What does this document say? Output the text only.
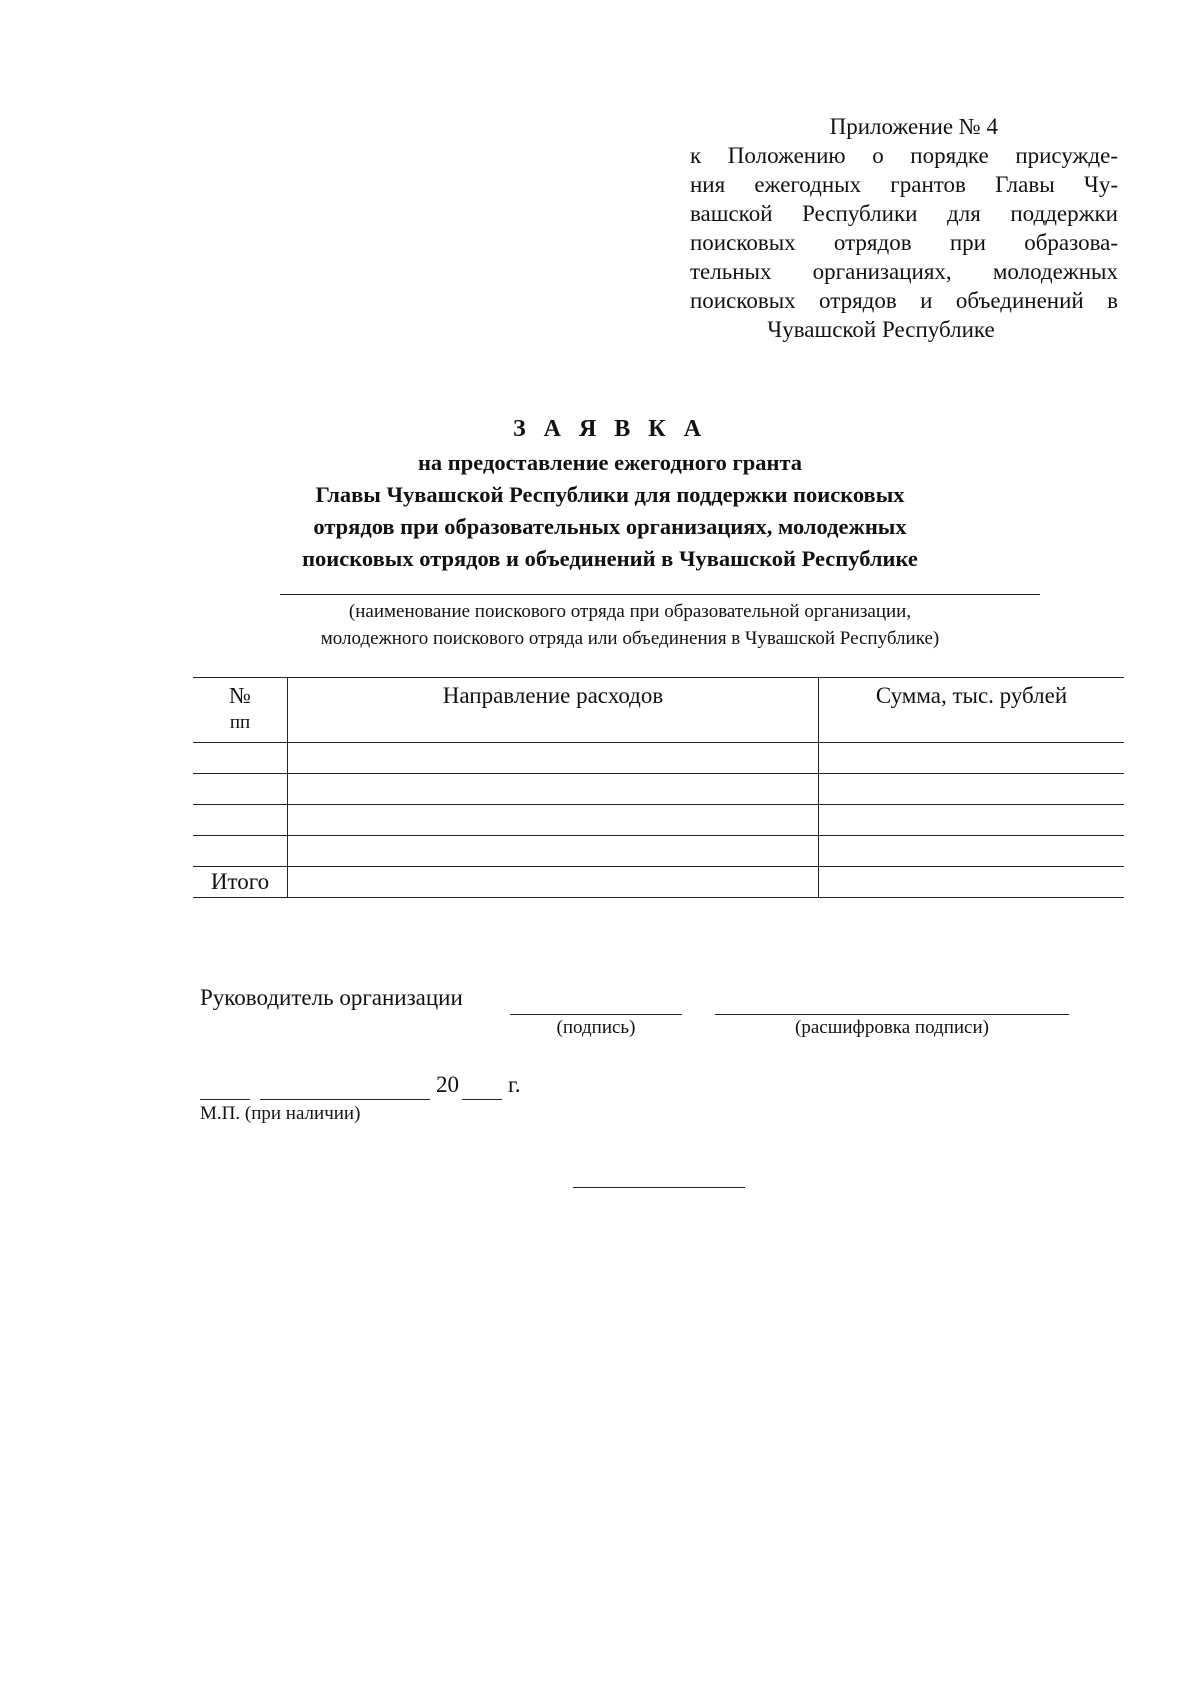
Приложение № 4
к Положению о порядке присужде-
ния ежегодных грантов Главы Чу-
вашской Республики для поддержки
поисковых отрядов при образова-
тельных организациях, молодежных
поисковых отрядов и объединений в
Чувашской Республике
З А Я В К А
на предоставление ежегодного гранта
Главы Чувашской Республики для поддержки поисковых
отрядов при образовательных организациях, молодежных
поисковых отрядов и объединений в Чувашской Республике
(наименование поискового отряда при образовательной организации,
молодежного поискового отряда или объединения в Чувашской Республике)
№
пп	Направление расходов	Сумма, тыс. рублей

Итого		
Руководитель организации
(подпись)	(расшифровка подписи)
20 г.
М.П. (при наличии)
